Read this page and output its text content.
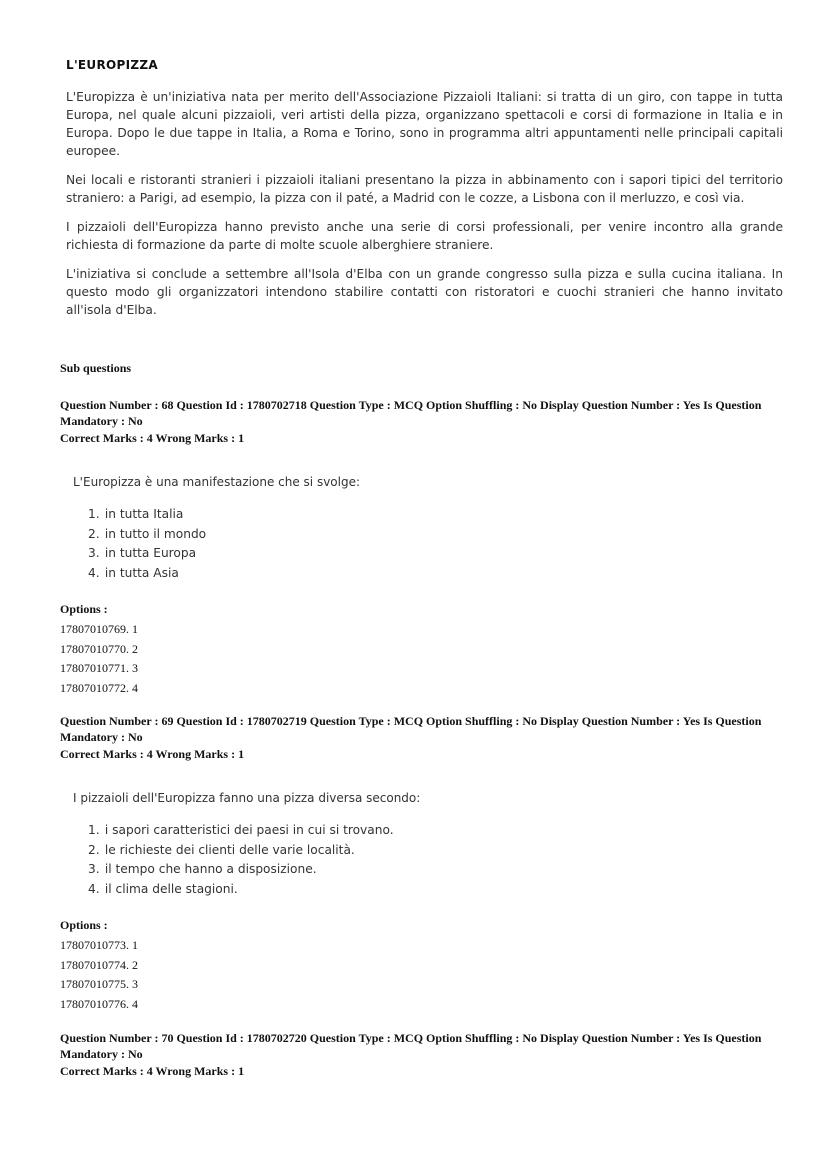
L'EUROPIZZA

L'Europizza è un'iniziativa nata per merito dell'Associazione Pizzaioli Italiani: si tratta di un giro, con tappe in tutta Europa, nel quale alcuni pizzaioli, veri artisti della pizza, organizzano spettacoli e corsi di formazione in Italia e in Europa. Dopo le due tappe in Italia, a Roma e Torino, sono in programma altri appuntamenti nelle principali capitali europee.

Nei locali e ristoranti stranieri i pizzaioli italiani presentano la pizza in abbinamento con i sapori tipici del territorio straniero: a Parigi, ad esempio, la pizza con il paté, a Madrid con le cozze, a Lisbona con il merluzzo, e così via.

I pizzaioli dell'Europizza hanno previsto anche una serie di corsi professionali, per venire incontro alla grande richiesta di formazione da parte di molte scuole alberghiere straniere.

L'iniziativa si conclude a settembre all'Isola d'Elba con un grande congresso sulla pizza e sulla cucina italiana. In questo modo gli organizzatori intendono stabilire contatti con ristoratori e cuochi stranieri che hanno invitato all'isola d'Elba.

Sub questions
Question Number : 68 Question Id : 1780702718 Question Type : MCQ Option Shuffling : No Display Question Number : Yes Is Question Mandatory : No
Correct Marks : 4 Wrong Marks : 1
L'Europizza è una manifestazione che si svolge:
1. in tutta Italia
2. in tutto il mondo
3. in tutta Europa
4. in tutta Asia
Options :
17807010769. 1
17807010770. 2
17807010771. 3
17807010772. 4
Question Number : 69 Question Id : 1780702719 Question Type : MCQ Option Shuffling : No Display Question Number : Yes Is Question Mandatory : No
Correct Marks : 4 Wrong Marks : 1
I pizzaioli dell'Europizza fanno una pizza diversa secondo:
1. i sapori caratteristici dei paesi in cui si trovano.
2. le richieste dei clienti delle varie località.
3. il tempo che hanno a disposizione.
4. il clima delle stagioni.
Options :
17807010773. 1
17807010774. 2
17807010775. 3
17807010776. 4
Question Number : 70 Question Id : 1780702720 Question Type : MCQ Option Shuffling : No Display Question Number : Yes Is Question Mandatory : No
Correct Marks : 4 Wrong Marks : 1
